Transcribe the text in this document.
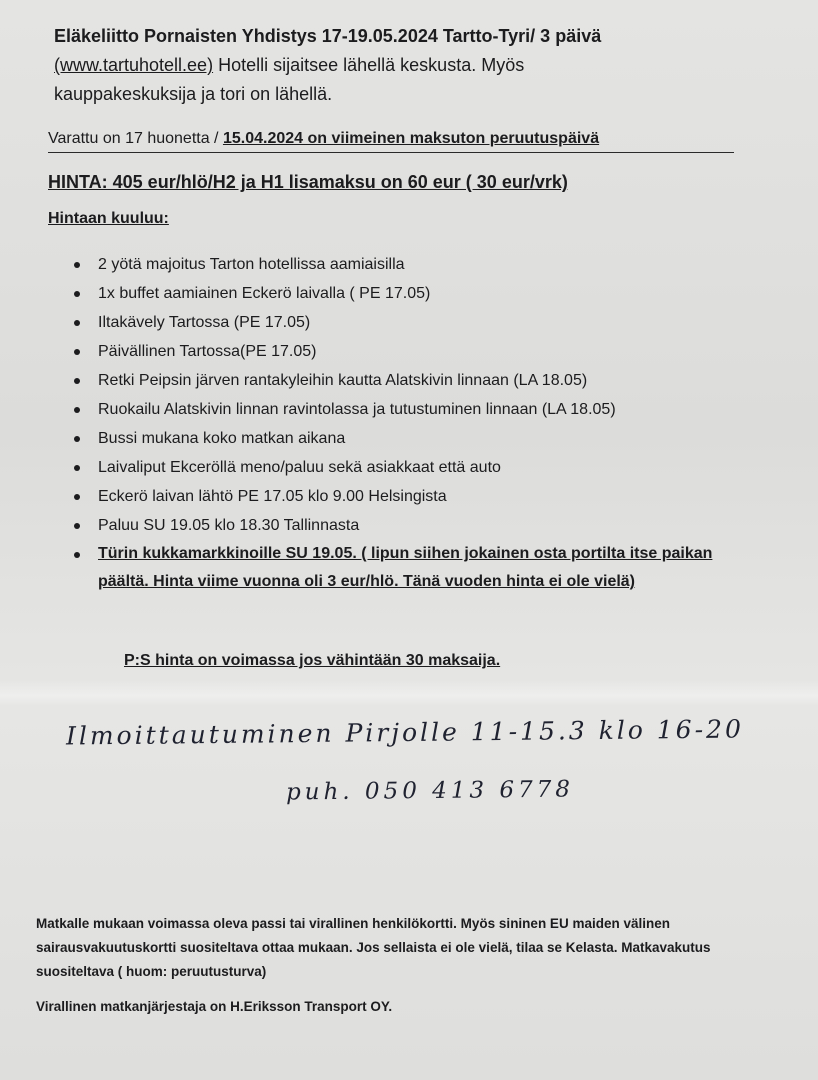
Eläkeliitto Pornaisten Yhdistys 17-19.05.2024 Tartto-Tyri/ 3 päivä
(www.tartuhotell.ee) Hotelli sijaitsee lähellä keskusta. Myös
kauppakeskuksija ja tori on lähellä.
Varattu on 17 huonetta / 15.04.2024 on viimeinen maksuton peruutuspäivä
HINTA: 405 eur/hlö/H2 ja H1 lisamaksu on 60 eur ( 30 eur/vrk)
Hintaan kuuluu:
2 yötä majoitus Tarton hotellissa aamiaisilla
1x buffet aamiainen Eckerö laivalla ( PE 17.05)
Iltakävely Tartossa (PE 17.05)
Päivällinen Tartossa(PE 17.05)
Retki Peipsin järven rantakyleihin kautta Alatskivin linnaan (LA 18.05)
Ruokailu Alatskivin linnan ravintolassa ja tutustuminen linnaan (LA 18.05)
Bussi mukana koko matkan aikana
Laivaliput Ekceröllä meno/paluu sekä asiakkaat että auto
Eckerö laivan lähtö PE 17.05 klo 9.00 Helsingista
Paluu SU 19.05 klo 18.30 Tallinnasta
Türin kukkamarkkinoille SU 19.05. ( lipun siihen jokainen osta portilta itse paikan päältä. Hinta viime vuonna oli 3 eur/hlö. Tänä vuoden hinta ei ole vielä)
P:S hinta on voimassa jos vähintään 30 maksaija.
Ilmoittautuminen Pirjolle 11-15.3 klo 16-20
puh. 050 413 6778

Matkalle mukaan voimassa oleva passi tai virallinen henkilökortti. Myös sininen EU maiden välinen sairausvakuutuskortti suositeltava ottaa mukaan. Jos sellaista ei ole vielä, tilaa se Kelasta. Matkavakutus suositeltava ( huom: peruutusturva)

Virallinen matkanjärjestaja on H.Eriksson Transport OY.
